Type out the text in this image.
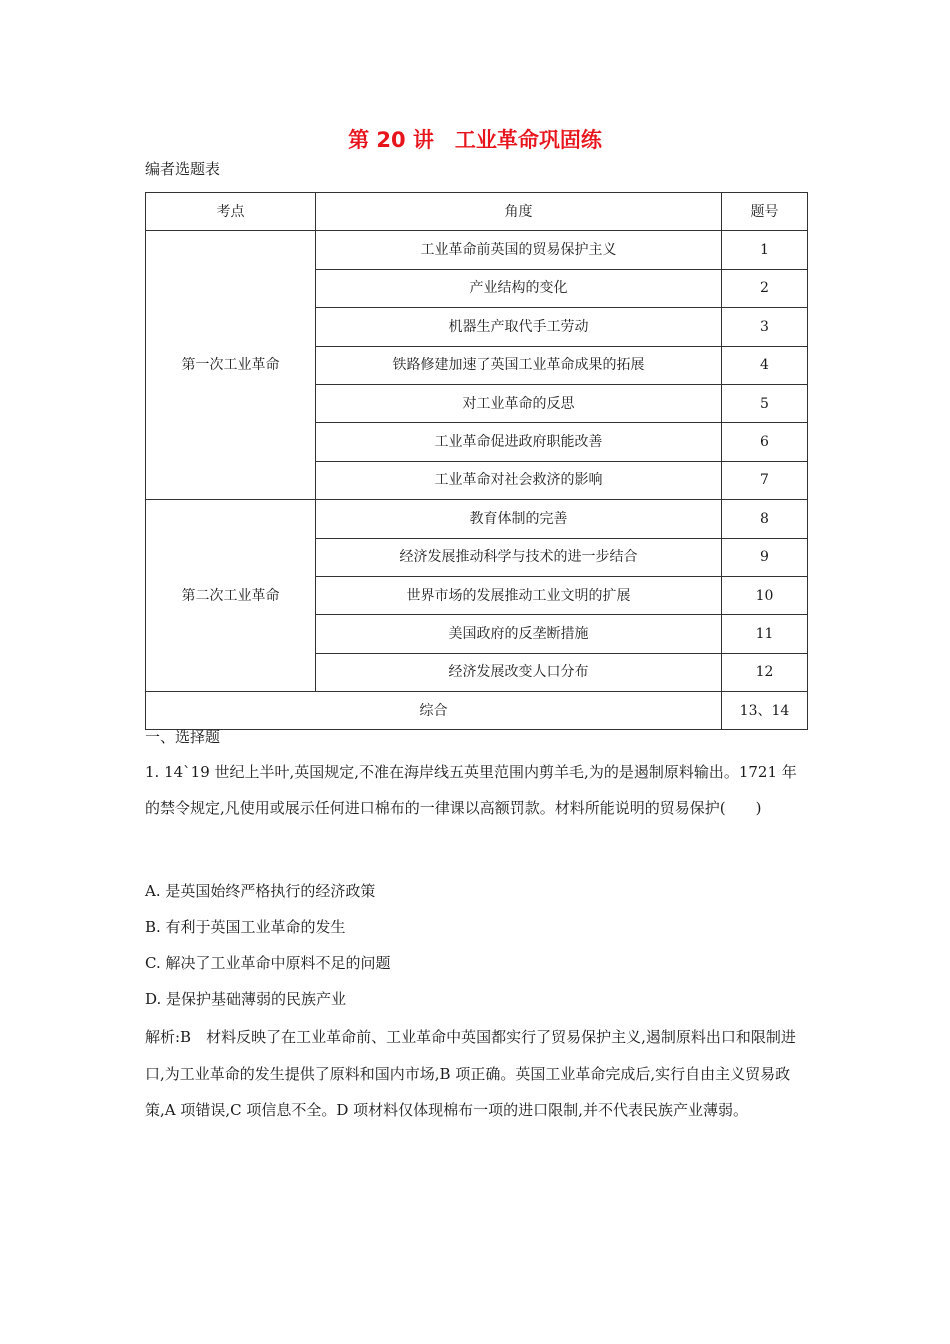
第 20 讲　工业革命巩固练
编者选题表
考点	角度	题号
第一次工业革命	工业革命前英国的贸易保护主义	1
	产业结构的变化	2
	机器生产取代手工劳动	3
	铁路修建加速了英国工业革命成果的拓展	4
	对工业革命的反思	5
	工业革命促进政府职能改善	6
	工业革命对社会救济的影响	7
第二次工业革命	教育体制的完善	8
	经济发展推动科学与技术的进一步结合	9
	世界市场的发展推动工业文明的扩展	10
	美国政府的反垄断措施	11
	经济发展改变人口分布	12
综合		13、14
一、选择题
1. 14`19 世纪上半叶,英国规定,不准在海岸线五英里范围内剪羊毛,为的是遏制原料输出。1721 年的禁令规定,凡使用或展示任何进口棉布的一律课以高额罚款。材料所能说明的贸易保护(　　)
A. 是英国始终严格执行的经济政策
B. 有利于英国工业革命的发生
C. 解决了工业革命中原料不足的问题
D. 是保护基础薄弱的民族产业
解析:B　材料反映了在工业革命前、工业革命中英国都实行了贸易保护主义,遏制原料出口和限制进口,为工业革命的发生提供了原料和国内市场,B 项正确。英国工业革命完成后,实行自由主义贸易政策,A 项错误,C 项信息不全。D 项材料仅体现棉布一项的进口限制,并不代表民族产业薄弱。
